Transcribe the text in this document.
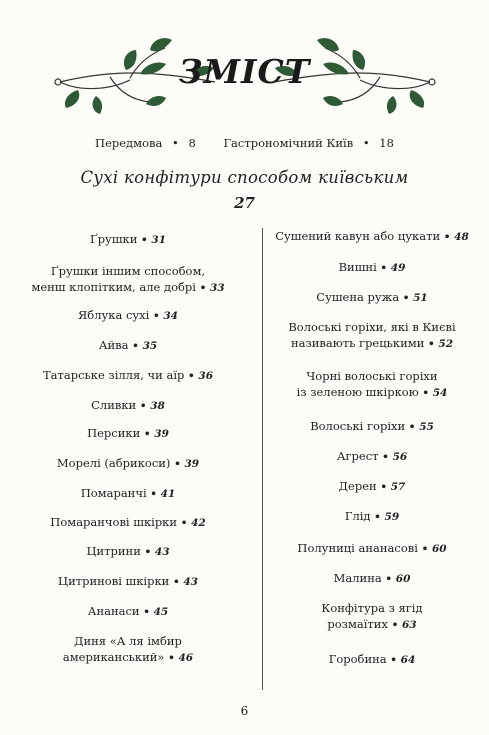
ЗМІСТ
Передмова • 8 Гастрономічний Київ • 18
Сухі конфітури способом київським
27
Ґрушки • 31
Ґрушки іншим способом,
менш клопітким, але добрі • 33
Яблука сухі • 34
Айва • 35
Татарське зілля, чи аїр • 36
Сливки • 38
Персики • 39
Морелі (абрикоси) • 39
Помаранчі • 41
Помаранчові шкірки • 42
Цитрини • 43
Цитринові шкірки • 43
Ананаси • 45
Диня «А ля імбир
американський» • 46
Сушений кавун або цукати • 48
Вишні • 49
Сушена ружа • 51
Волоські горіхи, які в Києві
називають грецькими • 52
Чорні волоські горіхи
із зеленою шкіркою • 54
Волоські горіхи • 55
Агрест • 56
Дерен • 57
Глід • 59
Полуниці ананасові • 60
Малина • 60
Конфітура з ягід
розмаїтих • 63
Горобина • 64
6
